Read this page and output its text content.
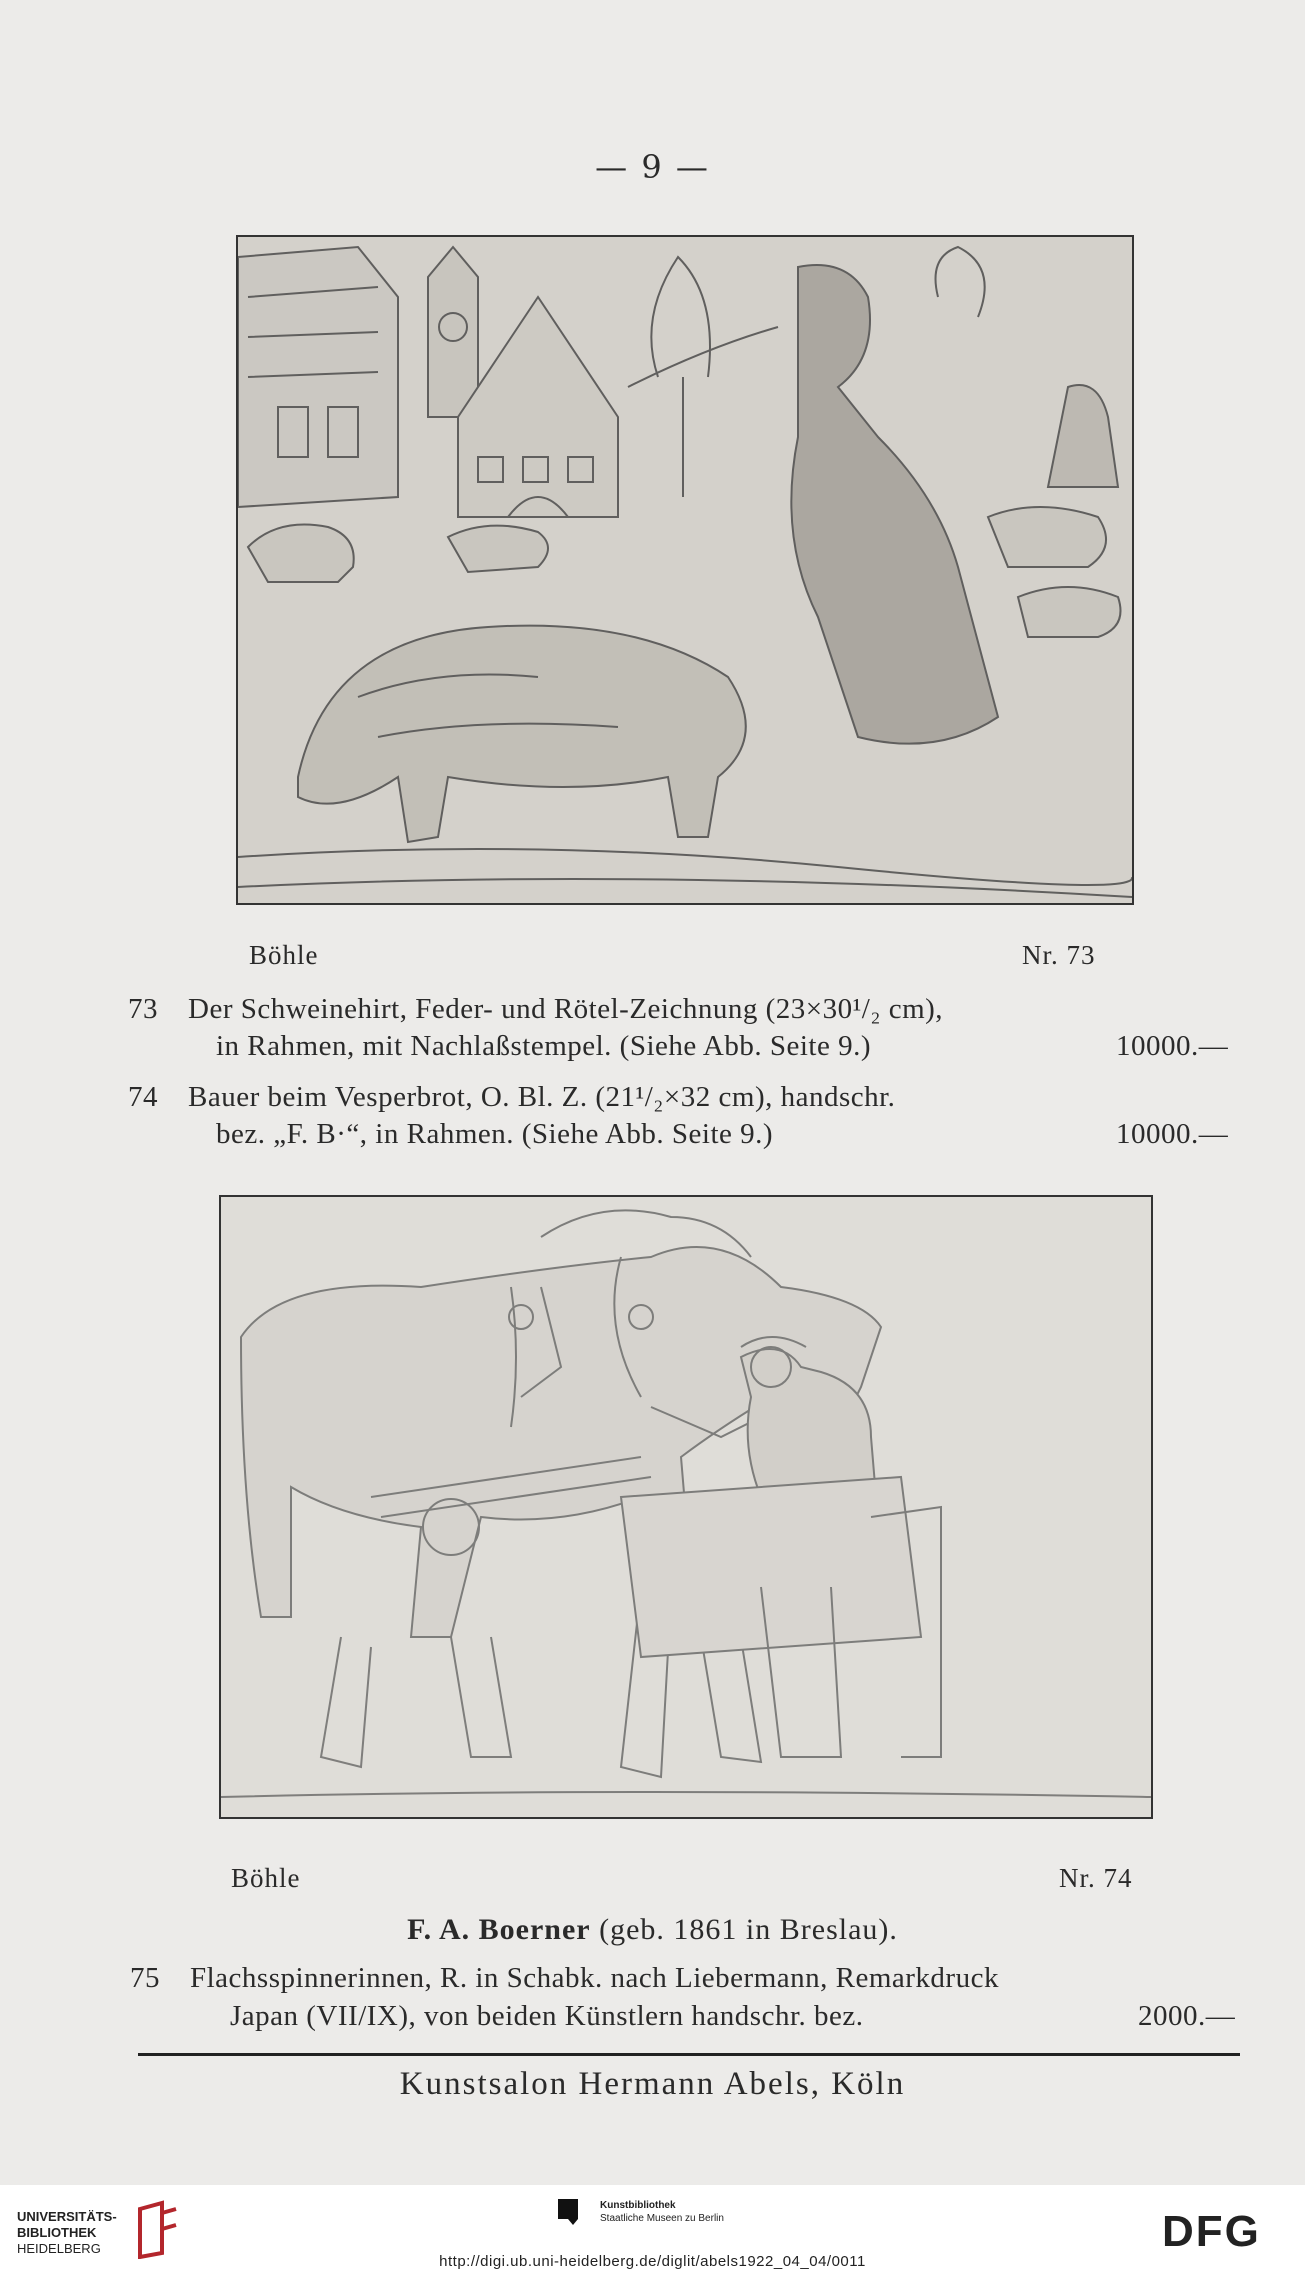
— 9 —
Böhle	Nr. 73
73 Der Schweinehirt, Feder- und Rötel-Zeichnung (23×30¹/₂ cm),
in Rahmen, mit Nachlaßstempel. (Siehe Abb. Seite 9.)	10000.—
74 Bauer beim Vesperbrot, O. Bl. Z. (21¹/₂×32 cm), handschr.
bez. „F. B·“, in Rahmen. (Siehe Abb. Seite 9.)	10000.—
Böhle	Nr. 74
F. A. Boerner (geb. 1861 in Breslau).
75 Flachsspinnerinnen, R. in Schabk. nach Liebermann, Remarkdruck
Japan (VII/IX), von beiden Künstlern handschr. bez.	2000.—
Kunstsalon Hermann Abels, Köln
UNIVERSITÄTS-
BIBLIOTHEK
HEIDELBERG
Kunstbibliothek
Staatliche Museen zu Berlin	DFG
http://digi.ub.uni-heidelberg.de/diglit/abels1922_04_04/0011
